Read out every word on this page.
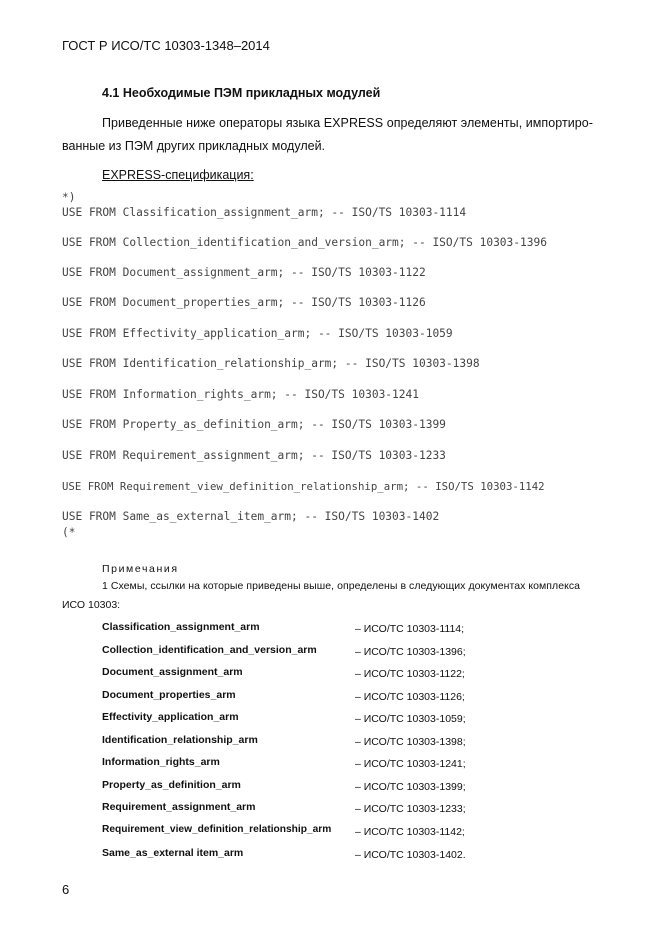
ГОСТ Р ИСО/ТС 10303-1348–2014
4.1 Необходимые ПЭМ прикладных модулей
Приведенные ниже операторы языка EXPRESS определяют элементы, импортиро-
ванные из ПЭМ других прикладных модулей.
EXPRESS-спецификация:
*)
USE FROM Classification_assignment_arm; -- ISO/TS 10303-1114
USE FROM Collection_identification_and_version_arm; -- ISO/TS 10303-1396
USE FROM Document_assignment_arm; -- ISO/TS 10303-1122
USE FROM Document_properties_arm; -- ISO/TS 10303-1126
USE FROM Effectivity_application_arm; -- ISO/TS 10303-1059
USE FROM Identification_relationship_arm; -- ISO/TS 10303-1398
USE FROM Information_rights_arm; -- ISO/TS 10303-1241
USE FROM Property_as_definition_arm; -- ISO/TS 10303-1399
USE FROM Requirement_assignment_arm; -- ISO/TS 10303-1233
USE FROM Requirement_view_definition_relationship_arm; -- ISO/TS 10303-1142
USE FROM Same_as_external_item_arm; -- ISO/TS 10303-1402
(*
Примечания
1 Схемы, ссылки на которые приведены выше, определены в следующих документах комплекса
ИСО 10303:
Classification_assignment_arm	– ИСО/ТС 10303-1114;
Collection_identification_and_version_arm	– ИСО/ТС 10303-1396;
Document_assignment_arm	– ИСО/ТС 10303-1122;
Document_properties_arm	– ИСО/ТС 10303-1126;
Effectivity_application_arm	– ИСО/ТС 10303-1059;
Identification_relationship_arm	– ИСО/ТС 10303-1398;
Information_rights_arm	– ИСО/ТС 10303-1241;
Property_as_definition_arm	– ИСО/ТС 10303-1399;
Requirement_assignment_arm	– ИСО/ТС 10303-1233;
Requirement_view_definition_relationship_arm – ИСО/ТС 10303-1142;
Same_as_external item_arm	– ИСО/ТС 10303-1402.
6
